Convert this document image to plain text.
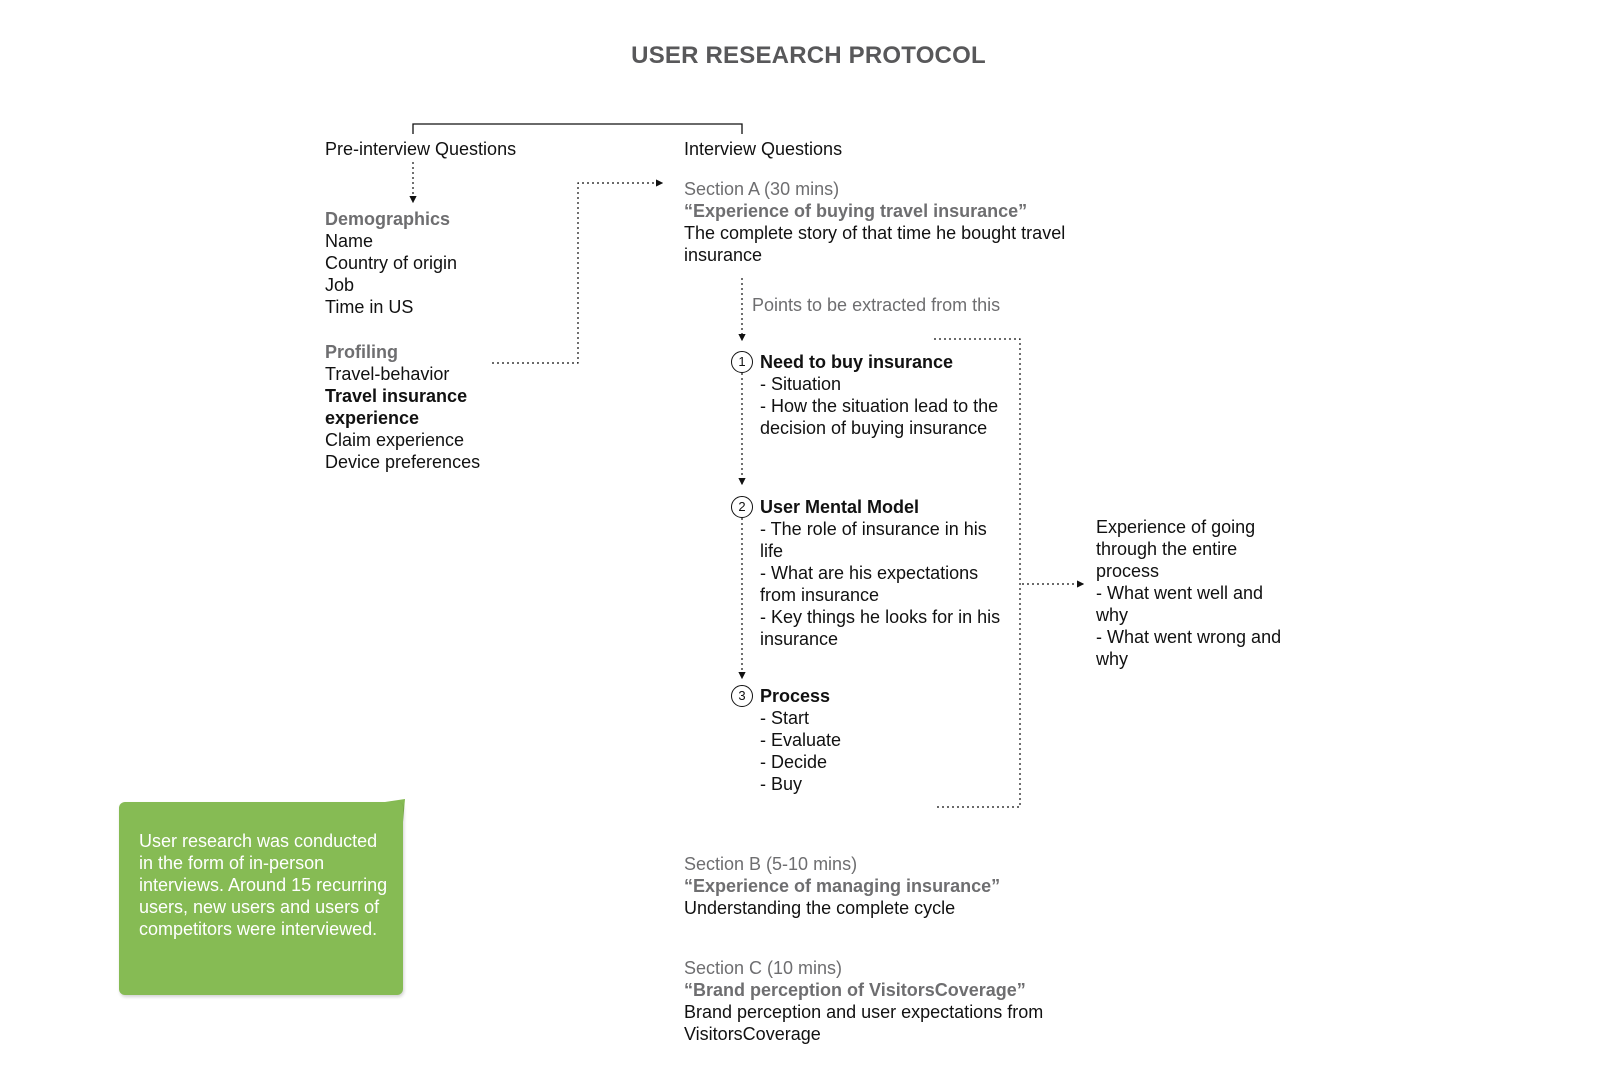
USER RESEARCH PROTOCOL
Pre-interview Questions
Demographics
Name
Country of origin
Job
Time in US
Profiling
Travel-behavior
Travel insurance
experience
Claim experience
Device preferences
Interview Questions
Section A (30 mins)
“Experience of buying travel insurance”
The complete story of that time he bought travel
insurance
Points to be extracted from this
1 Need to buy insurance
- Situation
- How the situation lead to the
decision of buying insurance
2 User Mental Model
- The role of insurance in his
life
- What are his expectations
from insurance
- Key things he looks for in his
insurance
3 Process
- Start
- Evaluate
- Decide
- Buy
Experience of going
through the entire
process
- What went well and
why
- What went wrong and
why
Section B (5-10 mins)
“Experience of managing insurance”
Understanding the complete cycle
Section C (10 mins)
“Brand perception of VisitorsCoverage”
Brand perception and user expectations from
VisitorsCoverage
User research was conducted
in the form of in-person
interviews. Around 15 recurring
users, new users and users of
competitors were interviewed.
